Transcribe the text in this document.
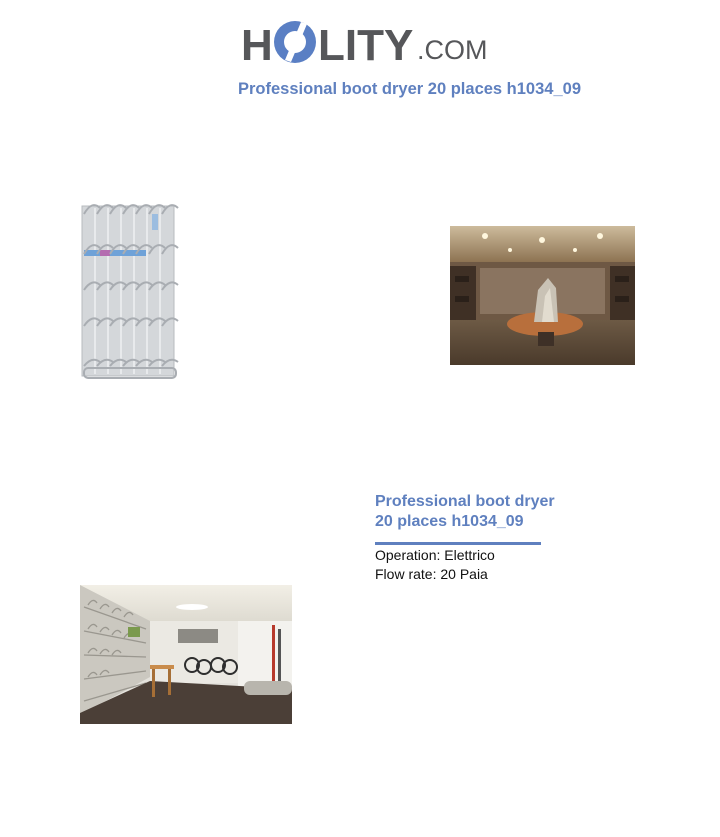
H LITY .COM
Professional boot dryer 20 places h1034_09
Professional boot dryer
20 places h1034_09
Operation: Elettrico
Flow rate: 20 Paia
